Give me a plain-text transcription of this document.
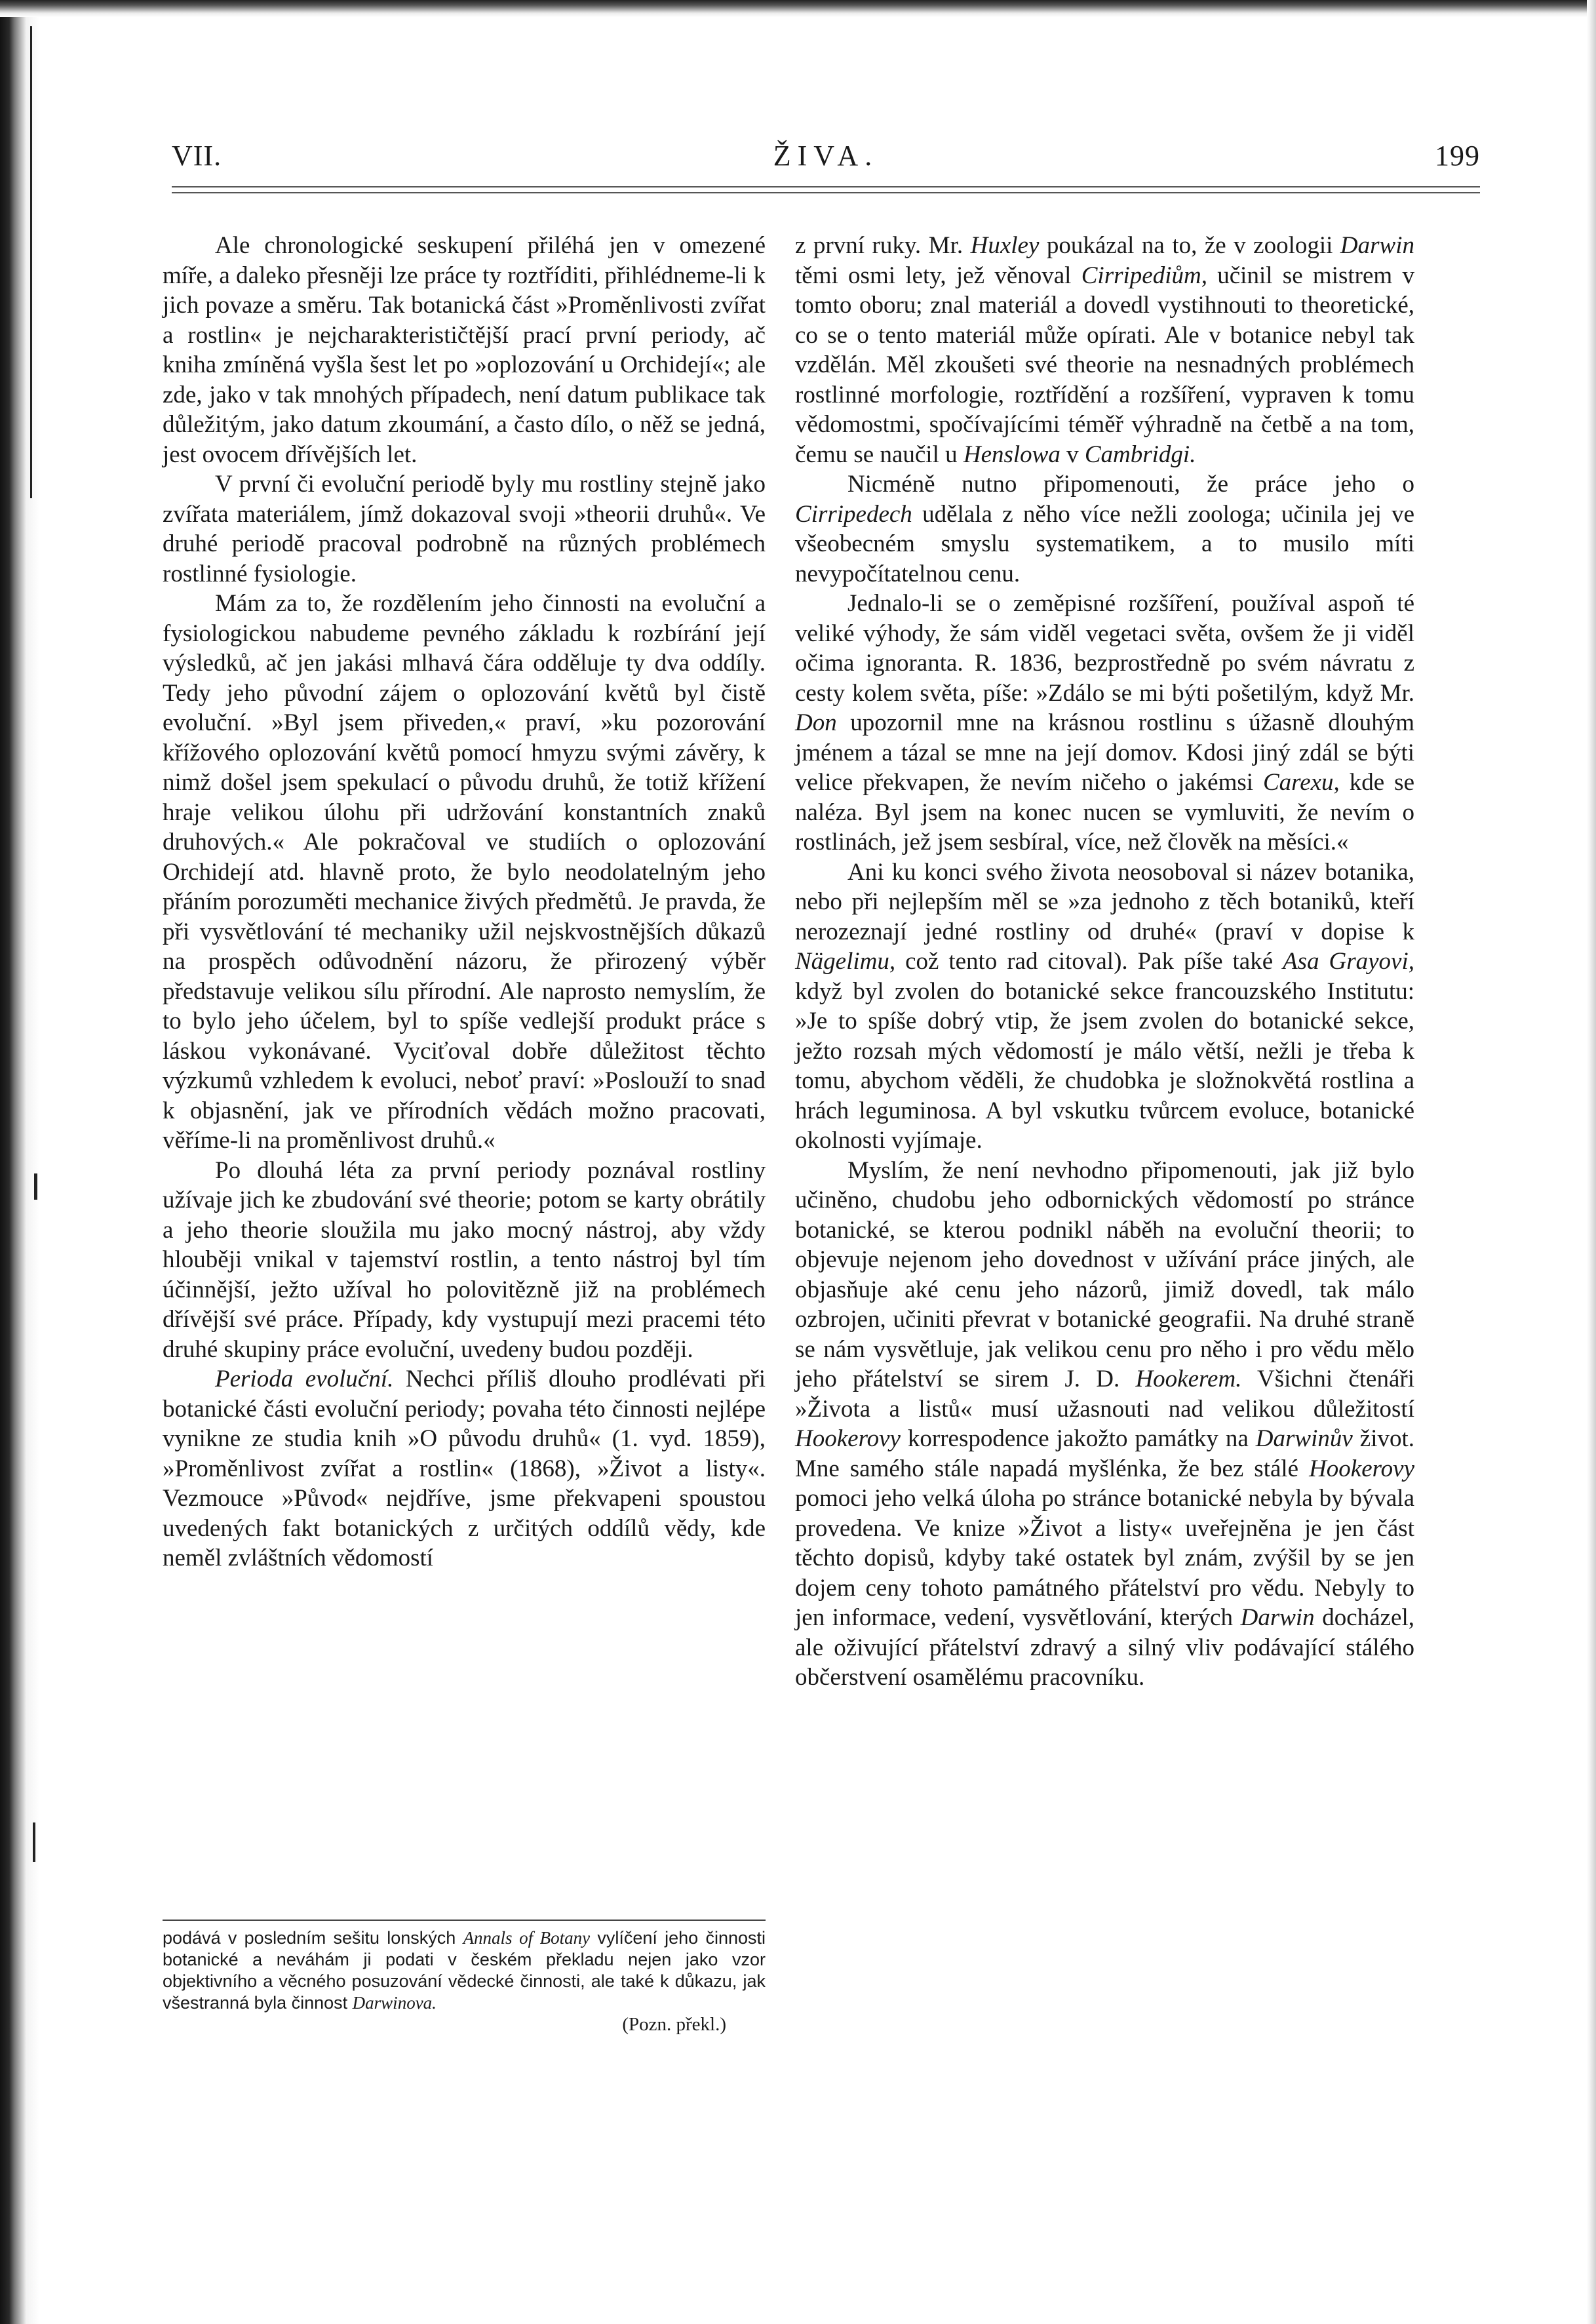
VII.	ŽIVA.	199

Ale chronologické seskupení přiléhá jen v omezené míře, a daleko přesněji lze práce ty roztříditi, přihlédneme-li k jich povaze a směru. Tak botanická část »Proměnlivosti zvířat a rostlin« je nejcharakterističtější prací první periody, ač kniha zmíněná vyšla šest let po »oplozování u Orchidejí«; ale zde, jako v tak mnohých případech, není datum publikace tak důležitým, jako datum zkoumání, a často dílo, o něž se jedná, jest ovocem dřívějších let.

V první či evoluční periodě byly mu rostliny stejně jako zvířata materiálem, jímž dokazoval svoji »theorii druhů«. Ve druhé periodě pracoval podrobně na různých problémech rostlinné fysiologie.

Mám za to, že rozdělením jeho činnosti na evoluční a fysiologickou nabudeme pevného základu k rozbírání její výsledků, ač jen jakási mlhavá čára odděluje ty dva oddíly. Tedy jeho původní zájem o oplozování květů byl čistě evoluční. »Byl jsem přiveden,« praví, »ku pozorování křížového oplozování květů pomocí hmyzu svými závěry, k nimž došel jsem spekulací o původu druhů, že totiž křížení hraje velikou úlohu při udržování konstantních znaků druhových.« Ale pokračoval ve studiích o oplozování Orchidejí atd. hlavně proto, že bylo neodolatelným jeho přáním porozuměti mechanice živých předmětů. Je pravda, že při vysvětlování té mechaniky užil nejskvostnějších důkazů na prospěch odůvodnění názoru, že přirozený výběr představuje velikou sílu přírodní. Ale naprosto nemyslím, že to bylo jeho účelem, byl to spíše vedlejší produkt práce s láskou vykonávané. Vyciťoval dobře důležitost těchto výzkumů vzhledem k evoluci, neboť praví: »Poslouží to snad k objasnění, jak ve přírodních vědách možno pracovati, věříme-li na proměnlivost druhů.«

Po dlouhá léta za první periody poznával rostliny užívaje jich ke zbudování své theorie; potom se karty obrátily a jeho theorie sloužila mu jako mocný nástroj, aby vždy hlouběji vnikal v tajemství rostlin, a tento nástroj byl tím účinnější, ježto užíval ho polovitězně již na problémech dřívější své práce. Případy, kdy vystupují mezi pracemi této druhé skupiny práce evoluční, uvedeny budou později.

Perioda evoluční. Nechci příliš dlouho prodlévati při botanické části evoluční periody; povaha této činnosti nejlépe vynikne ze studia knih »O původu druhů« (1. vyd. 1859), »Proměnlivost zvířat a rostlin« (1868), »Život a listy«. Vezmouce »Původ« nejdříve, jsme překvapeni spoustou uvedených fakt botanických z určitých oddílů vědy, kde neměl zvláštních vědomostí

podává v posledním sešitu lonských Annals of Botany vylíčení jeho činnosti botanické a neváhám ji podati v českém překladu nejen jako vzor objektivního a věcného posuzování vědecké činnosti, ale také k důkazu, jak všestranná byla činnost Darwinova.
(Pozn. překl.)

z první ruky. Mr. Huxley poukázal na to, že v zoologii Darwin těmi osmi lety, jež věnoval Cirripediům, učinil se mistrem v tomto oboru; znal materiál a dovedl vystihnouti to theoretické, co se o tento materiál může opírati. Ale v botanice nebyl tak vzdělán. Měl zkoušeti své theorie na nesnadných problémech rostlinné morfologie, roztřídění a rozšíření, vypraven k tomu vědomostmi, spočívajícími téměř výhradně na četbě a na tom, čemu se naučil u Henslowa v Cambridgi.

Nicméně nutno připomenouti, že práce jeho o Cirripedech udělala z něho více nežli zoologa; učinila jej ve všeobecném smyslu systematikem, a to musilo míti nevypočítatelnou cenu.

Jednalo-li se o zeměpisné rozšíření, používal aspoň té veliké výhody, že sám viděl vegetaci světa, ovšem že ji viděl očima ignoranta. R. 1836, bezprostředně po svém návratu z cesty kolem světa, píše: »Zdálo se mi býti pošetilým, když Mr. Don upozornil mne na krásnou rostlinu s úžasně dlouhým jménem a tázal se mne na její domov. Kdosi jiný zdál se býti velice překvapen, že nevím ničeho o jakémsi Carexu, kde se naléza. Byl jsem na konec nucen se vymluviti, že nevím o rostlinách, jež jsem sesbíral, více, než člověk na měsíci.«

Ani ku konci svého života neosoboval si název botanika, nebo při nejlepším měl se »za jednoho z těch botaniků, kteří nerozeznají jedné rostliny od druhé« (praví v dopise k Nägelimu, což tento rad citoval). Pak píše také Asa Grayovi, když byl zvolen do botanické sekce francouzského Institutu: »Je to spíše dobrý vtip, že jsem zvolen do botanické sekce, ježto rozsah mých vědomostí je málo větší, nežli je třeba k tomu, abychom věděli, že chudobka je složnokvětá rostlina a hrách leguminosa. A byl vskutku tvůrcem evoluce, botanické okolnosti vyjímaje.

Myslím, že není nevhodno připomenouti, jak již bylo učiněno, chudobu jeho odbornických vědomostí po stránce botanické, se kterou podnikl náběh na evoluční theorii; to objevuje nejenom jeho dovednost v užívání práce jiných, ale objasňuje aké cenu jeho názorů, jimiž dovedl, tak málo ozbrojen, učiniti převrat v botanické geografii. Na druhé straně se nám vysvětluje, jak velikou cenu pro něho i pro vědu mělo jeho přátelství se sirem J. D. Hookerem. Všichni čtenáři »Života a listů« musí užasnouti nad velikou důležitostí Hookerovy korrespodence jakožto památky na Darwinův život. Mne samého stále napadá myšlénka, že bez stálé Hookerovy pomoci jeho velká úloha po stránce botanické nebyla by bývala provedena. Ve knize »Život a listy« uveřejněna je jen část těchto dopisů, kdyby také ostatek byl znám, zvýšil by se jen dojem ceny tohoto památného přátelství pro vědu. Nebyly to jen informace, vedení, vysvětlování, kterých Darwin docházel, ale oživující přátelství zdravý a silný vliv podávající stálého občerstvení osamělému pracovníku.
